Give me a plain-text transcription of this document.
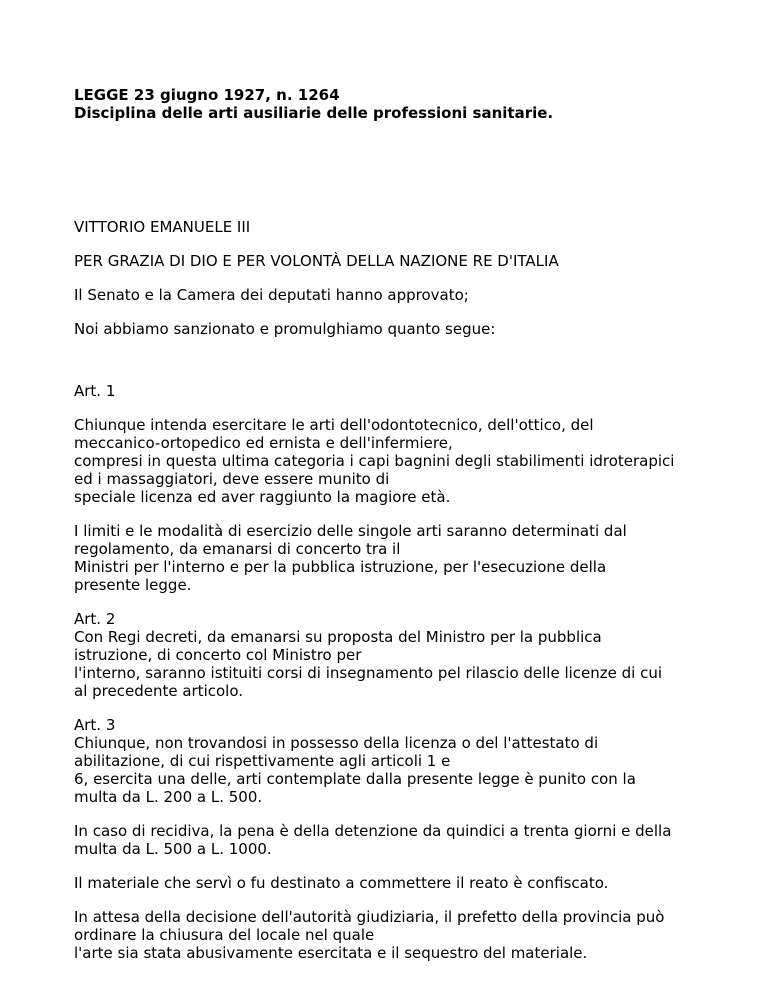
LEGGE 23 giugno 1927, n. 1264
Disciplina delle arti ausiliarie delle professioni sanitarie.

VITTORIO EMANUELE III

PER GRAZIA DI DIO E PER VOLONTÀ DELLA NAZIONE RE D'ITALIA

Il Senato e la Camera dei deputati hanno approvato;

Noi abbiamo sanzionato e promulghiamo quanto segue:

Art. 1

Chiunque intenda esercitare le arti dell'odontotecnico, dell'ottico, del
meccanico-ortopedico ed ernista e dell'infermiere,
compresi in questa ultima categoria i capi bagnini degli stabilimenti idroterapici
ed i massaggiatori, deve essere munito di
speciale licenza ed aver raggiunto la magiore età.

I limiti e le modalità di esercizio delle singole arti saranno determinati dal
regolamento, da emanarsi di concerto tra il
Ministri per l'interno e per la pubblica istruzione, per l'esecuzione della
presente legge.

Art. 2
Con Regi decreti, da emanarsi su proposta del Ministro per la pubblica
istruzione, di concerto col Ministro per
l'interno, saranno istituiti corsi di insegnamento pel rilascio delle licenze di cui
al precedente articolo.

Art. 3
Chiunque, non trovandosi in possesso della licenza o del l'attestato di
abilitazione, di cui rispettivamente agli articoli 1 e
6, esercita una delle, arti contemplate dalla presente legge è punito con la
multa da L. 200 a L. 500.

In caso di recidiva, la pena è della detenzione da quindici a trenta giorni e della
multa da L. 500 a L. 1000.

Il materiale che servì o fu destinato a commettere il reato è confiscato.

In attesa della decisione dell'autorità giudiziaria, il prefetto della provincia può
ordinare la chiusura del locale nel quale
l'arte sia stata abusivamente esercitata e il sequestro del materiale.
